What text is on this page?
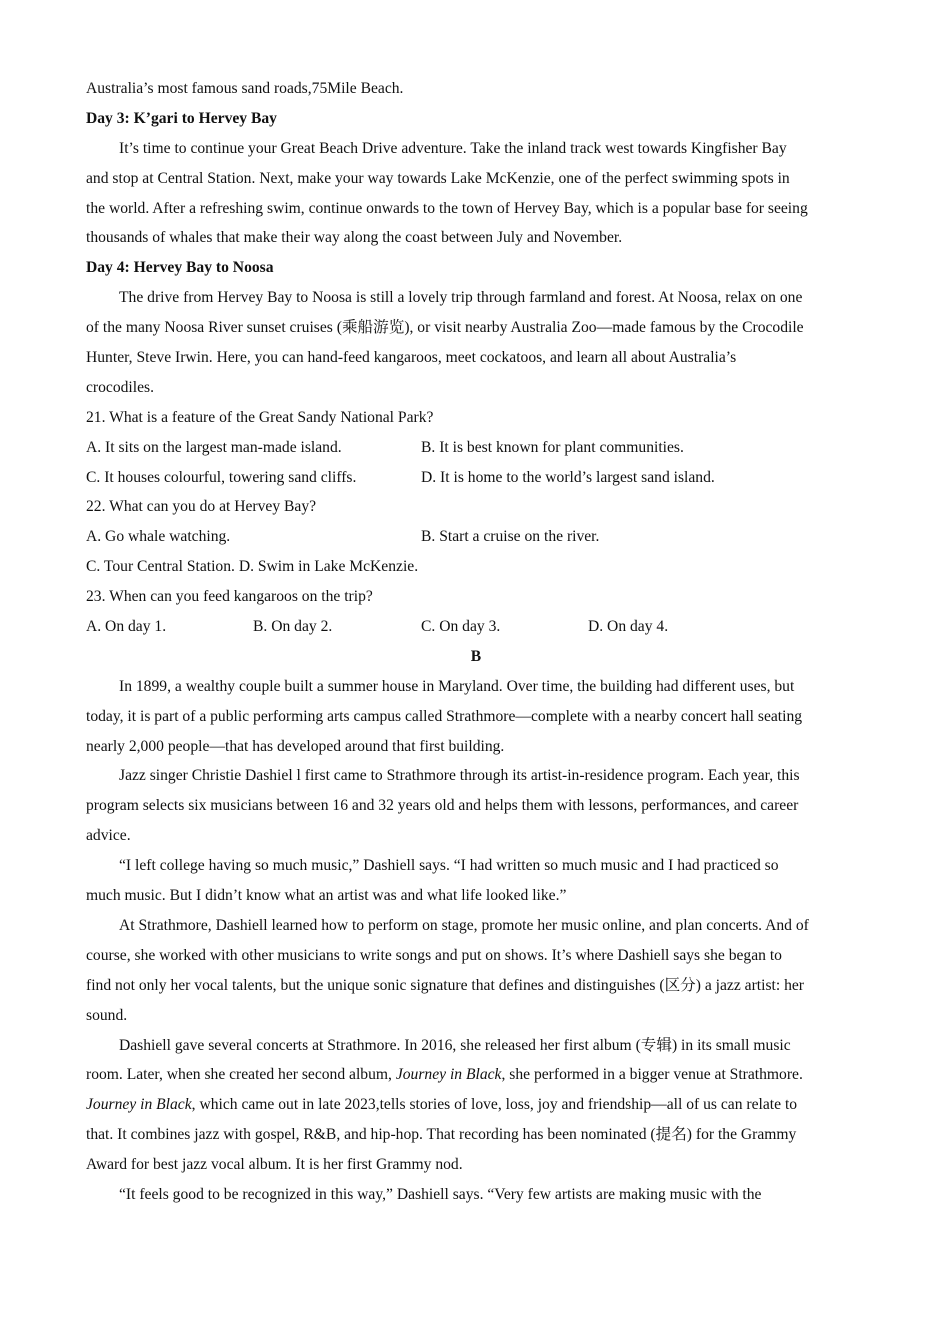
Australia’s most famous sand roads,75Mile Beach.
Day 3: K’gari to Hervey Bay
It’s time to continue your Great Beach Drive adventure. Take the inland track west towards Kingfisher Bay
and stop at Central Station. Next, make your way towards Lake McKenzie, one of the perfect swimming spots in
the world. After a refreshing swim, continue onwards to the town of Hervey Bay, which is a popular base for seeing
thousands of whales that make their way along the coast between July and November.
Day 4: Hervey Bay to Noosa
The drive from Hervey Bay to Noosa is still a lovely trip through farmland and forest. At Noosa, relax on one
of the many Noosa River sunset cruises (乘船游览), or visit nearby Australia Zoo—made famous by the Crocodile
Hunter, Steve Irwin. Here, you can hand-feed kangaroos, meet cockatoos, and learn all about Australia’s
crocodiles.
21. What is a feature of the Great Sandy National Park?
A. It sits on the largest man-made island.	B. It is best known for plant communities.
C. It houses colourful, towering sand cliffs.	D. It is home to the world’s largest sand island.
22. What can you do at Hervey Bay?
A. Go whale watching.	B. Start a cruise on the river.
C. Tour Central Station. D. Swim in Lake McKenzie.
23. When can you feed kangaroos on the trip?
A. On day 1.	B. On day 2.	C. On day 3.	D. On day 4.
B
In 1899, a wealthy couple built a summer house in Maryland. Over time, the building had different uses, but
today, it is part of a public performing arts campus called Strathmore—complete with a nearby concert hall seating
nearly 2,000 people—that has developed around that first building.
Jazz singer Christie Dashiel l first came to Strathmore through its artist-in-residence program. Each year, this
program selects six musicians between 16 and 32 years old and helps them with lessons, performances, and career
advice.
“I left college having so much music,” Dashiell says. “I had written so much music and I had practiced so
much music. But I didn’t know what an artist was and what life looked like.”
At Strathmore, Dashiell learned how to perform on stage, promote her music online, and plan concerts. And of
course, she worked with other musicians to write songs and put on shows. It’s where Dashiell says she began to
find not only her vocal talents, but the unique sonic signature that defines and distinguishes (区分) a jazz artist: her
sound.
Dashiell gave several concerts at Strathmore. In 2016, she released her first album (专辑) in its small music
room. Later, when she created her second album, Journey in Black, she performed in a bigger venue at Strathmore.
Journey in Black, which came out in late 2023,tells stories of love, loss, joy and friendship—all of us can relate to
that. It combines jazz with gospel, R&B, and hip-hop. That recording has been nominated (提名) for the Grammy
Award for best jazz vocal album. It is her first Grammy nod.
“It feels good to be recognized in this way,” Dashiell says. “Very few artists are making music with the
